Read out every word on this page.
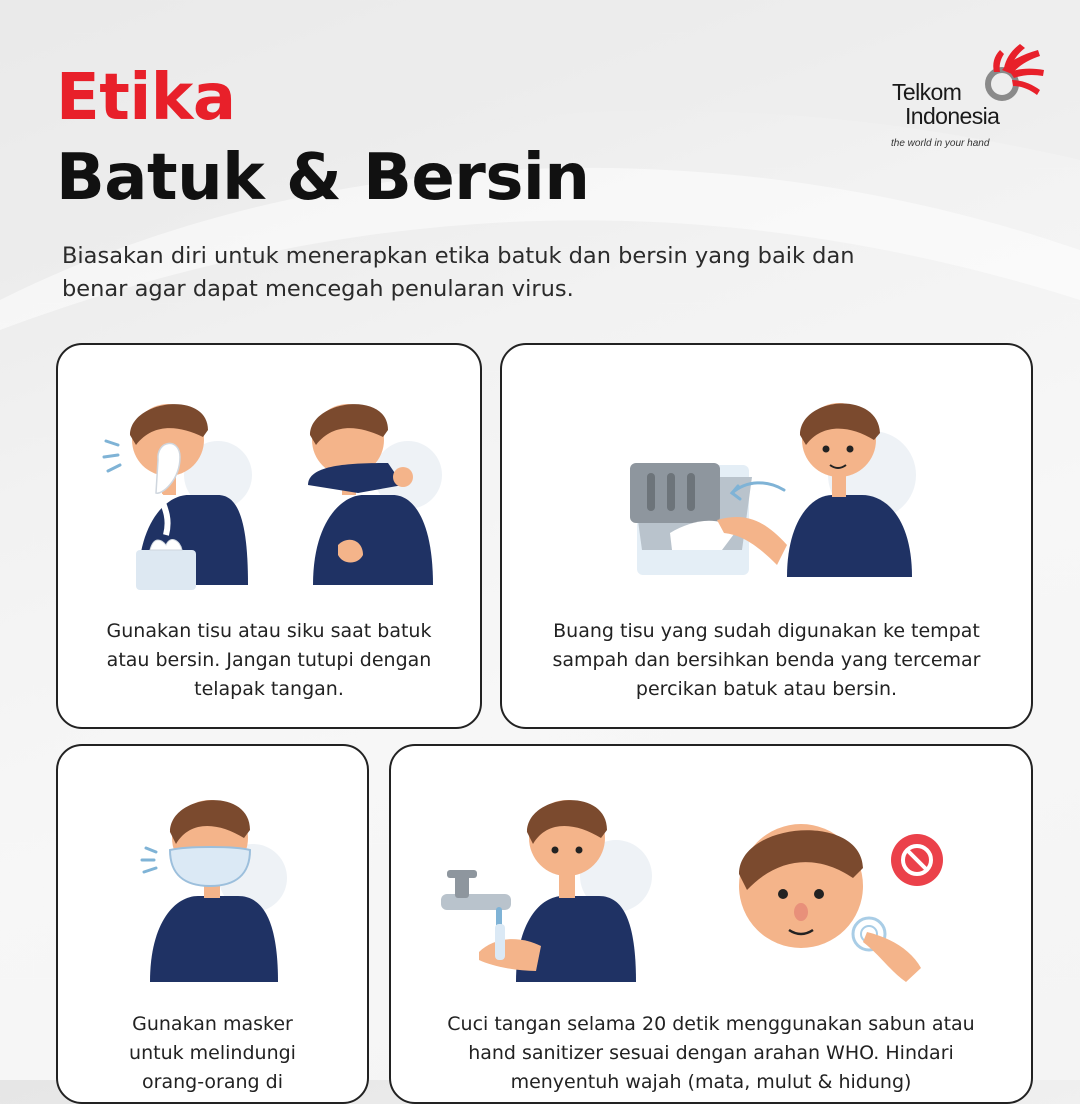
Etika
Batuk & Bersin

Biasakan diri untuk menerapkan etika batuk dan bersin yang baik dan benar agar dapat mencegah penularan virus.

Telkom
Indonesia
the world in your hand

Gunakan tisu atau siku saat batuk atau bersin. Jangan tutupi dengan telapak tangan.

Buang tisu yang sudah digunakan ke tempat sampah dan bersihkan benda yang tercemar percikan batuk atau bersin.

Gunakan masker untuk melindungi orang-orang di

Cuci tangan selama 20 detik menggunakan sabun atau hand sanitizer sesuai dengan arahan WHO. Hindari menyentuh wajah (mata, mulut & hidung)
